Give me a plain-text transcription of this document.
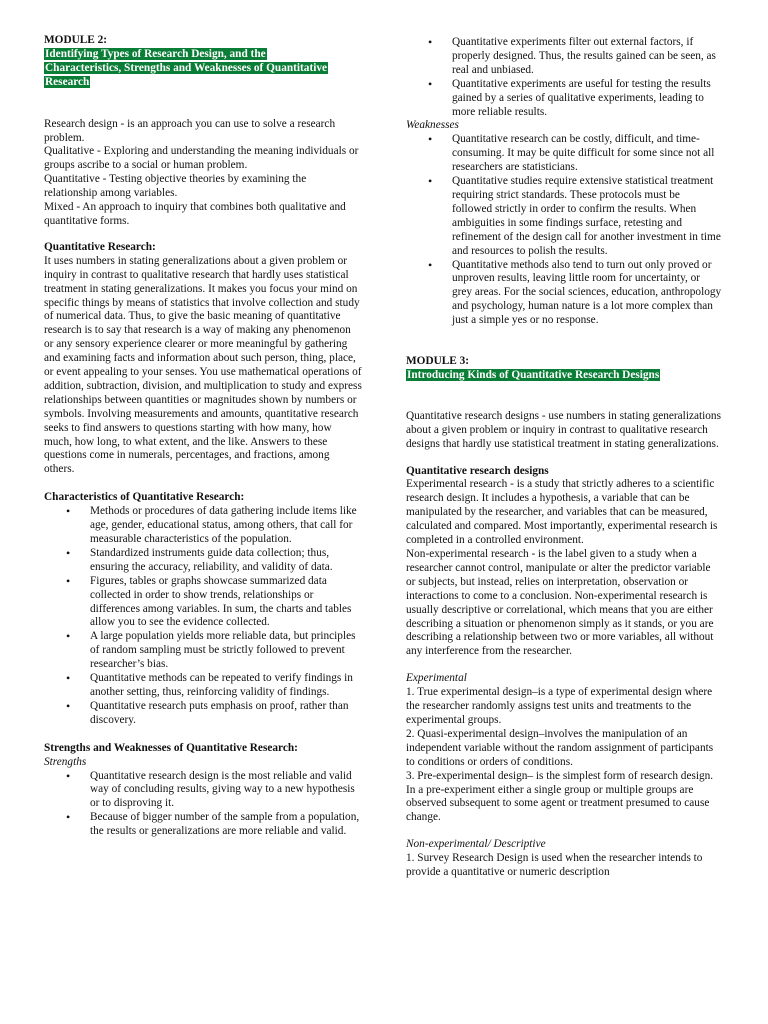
MODULE 2:

Identifying Types of Research Design, and the Characteristics, Strengths and Weaknesses of Quantitative Research

Research design - is an approach you can use to solve a research problem.

Qualitative - Exploring and understanding the meaning individuals or groups ascribe to a social or human problem.

Quantitative - Testing objective theories by examining the relationship among variables.

Mixed - An approach to inquiry that combines both qualitative and quantitative forms.

Quantitative Research:

It uses numbers in stating generalizations about a given problem or inquiry in contrast to qualitative research that hardly uses statistical treatment in stating generalizations. It makes you focus your mind on specific things by means of statistics that involve collection and study of numerical data. Thus, to give the basic meaning of quantitative research is to say that research is a way of making any phenomenon or any sensory experience clearer or more meaningful by gathering and examining facts and information about such person, thing, place, or event appealing to your senses. You use mathematical operations of addition, subtraction, division, and multiplication to study and express relationships between quantities or magnitudes shown by numbers or symbols. Involving measurements and amounts, quantitative research seeks to find answers to questions starting with how many, how much, how long, to what extent, and the like. Answers to these questions come in numerals, percentages, and fractions, among others.

Characteristics of Quantitative Research:

• Methods or procedures of data gathering include items like age, gender, educational status, among others, that call for measurable characteristics of the population.
• Standardized instruments guide data collection; thus, ensuring the accuracy, reliability, and validity of data.
• Figures, tables or graphs showcase summarized data collected in order to show trends, relationships or differences among variables. In sum, the charts and tables allow you to see the evidence collected.
• A large population yields more reliable data, but principles of random sampling must be strictly followed to prevent researcher’s bias.
• Quantitative methods can be repeated to verify findings in another setting, thus, reinforcing validity of findings.
• Quantitative research puts emphasis on proof, rather than discovery.

Strengths and Weaknesses of Quantitative Research:

Strengths

• Quantitative research design is the most reliable and valid way of concluding results, giving way to a new hypothesis or to disproving it.
• Because of bigger number of the sample from a population, the results or generalizations are more reliable and valid.
• Quantitative experiments filter out external factors, if properly designed. Thus, the results gained can be seen, as real and unbiased.
• Quantitative experiments are useful for testing the results gained by a series of qualitative experiments, leading to more reliable results.

Weaknesses

• Quantitative research can be costly, difficult, and time-consuming. It may be quite difficult for some since not all researchers are statisticians.
• Quantitative studies require extensive statistical treatment requiring strict standards. These protocols must be followed strictly in order to confirm the results. When ambiguities in some findings surface, retesting and refinement of the design call for another investment in time and resources to polish the results.
• Quantitative methods also tend to turn out only proved or unproven results, leaving little room for uncertainty, or grey areas. For the social sciences, education, anthropology and psychology, human nature is a lot more complex than just a simple yes or no response.

MODULE 3:

Introducing Kinds of Quantitative Research Designs

Quantitative research designs - use numbers in stating generalizations about a given problem or inquiry in contrast to qualitative research designs that hardly use statistical treatment in stating generalizations.

Quantitative research designs

Experimental research - is a study that strictly adheres to a scientific research design. It includes a hypothesis, a variable that can be manipulated by the researcher, and variables that can be measured, calculated and compared. Most importantly, experimental research is completed in a controlled environment.

Non-experimental research - is the label given to a study when a researcher cannot control, manipulate or alter the predictor variable or subjects, but instead, relies on interpretation, observation or interactions to come to a conclusion. Non-experimental research is usually descriptive or correlational, which means that you are either describing a situation or phenomenon simply as it stands, or you are describing a relationship between two or more variables, all without any interference from the researcher.

Experimental

1. True experimental design–is a type of experimental design where the researcher randomly assigns test units and treatments to the experimental groups.

2. Quasi-experimental design–involves the manipulation of an independent variable without the random assignment of participants to conditions or orders of conditions.

3. Pre-experimental design– is the simplest form of research design. In a pre-experiment either a single group or multiple groups are observed subsequent to some agent or treatment presumed to cause change.

Non-experimental/ Descriptive

1. Survey Research Design is used when the researcher intends to provide a quantitative or numeric description
